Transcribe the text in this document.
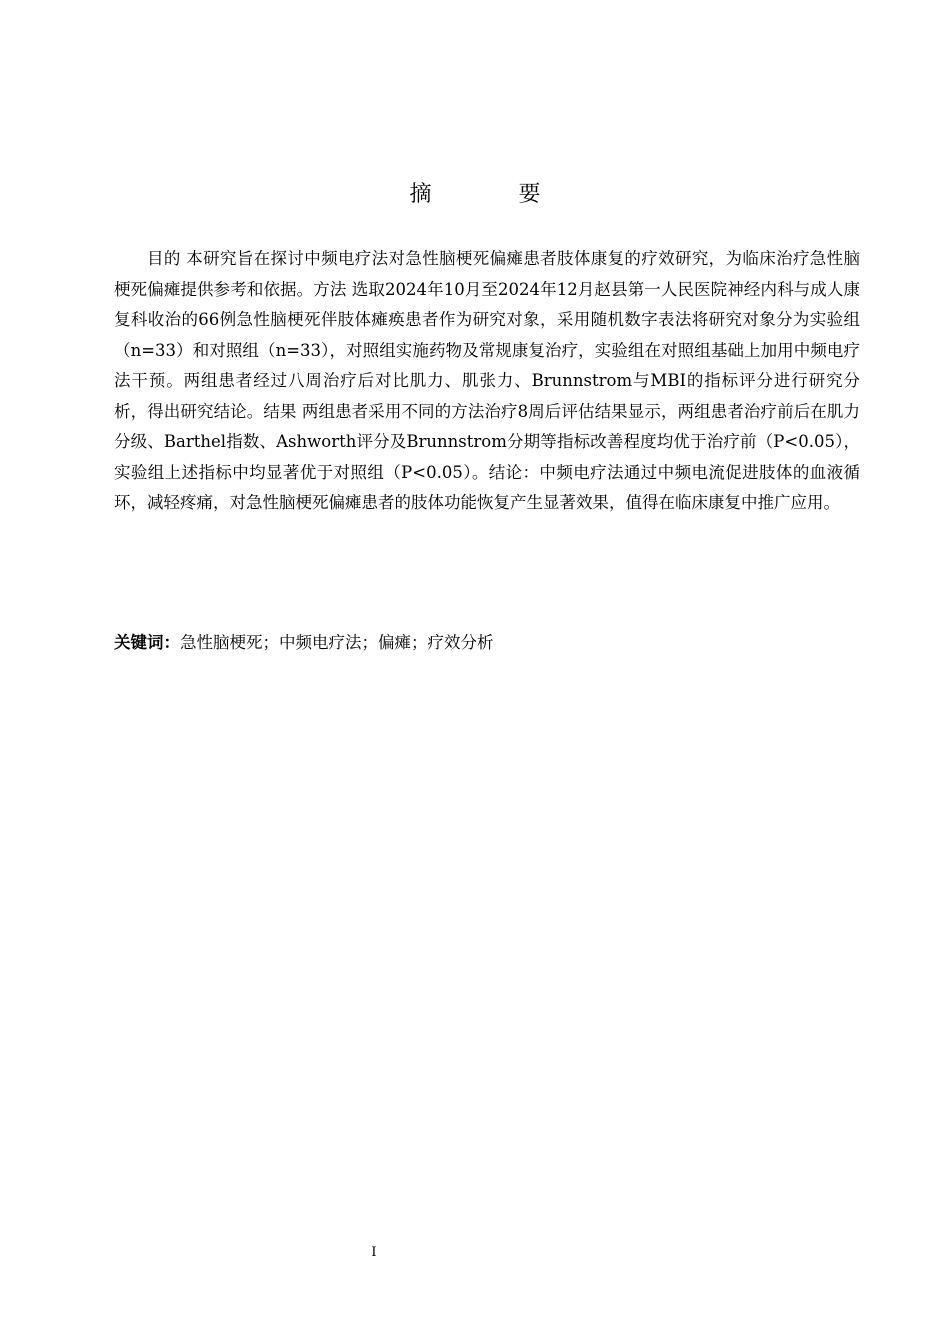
摘 要

目的 本研究旨在探讨中频电疗法对急性脑梗死偏瘫患者肢体康复的疗效研究，为临床治疗急性脑梗死偏瘫提供参考和依据。方法 选取2024年10月至2024年12月赵县第一人民医院神经内科与成人康复科收治的66例急性脑梗死伴肢体瘫痪患者作为研究对象，采用随机数字表法将研究对象分为实验组（n=33）和对照组（n=33），对照组实施药物及常规康复治疗，实验组在对照组基础上加用中频电疗法干预。两组患者经过八周治疗后对比肌力、肌张力、Brunnstrom与MBI的指标评分进行研究分析，得出研究结论。结果 两组患者采用不同的方法治疗8周后评估结果显示，两组患者治疗前后在肌力分级、Barthel指数、Ashworth评分及Brunnstrom分期等指标改善程度均优于治疗前（P<0.05），实验组上述指标中均显著优于对照组（P<0.05）。结论：中频电疗法通过中频电流促进肢体的血液循环，减轻疼痛，对急性脑梗死偏瘫患者的肢体功能恢复产生显著效果，值得在临床康复中推广应用。

关键词：急性脑梗死；中频电疗法；偏瘫；疗效分析

I
